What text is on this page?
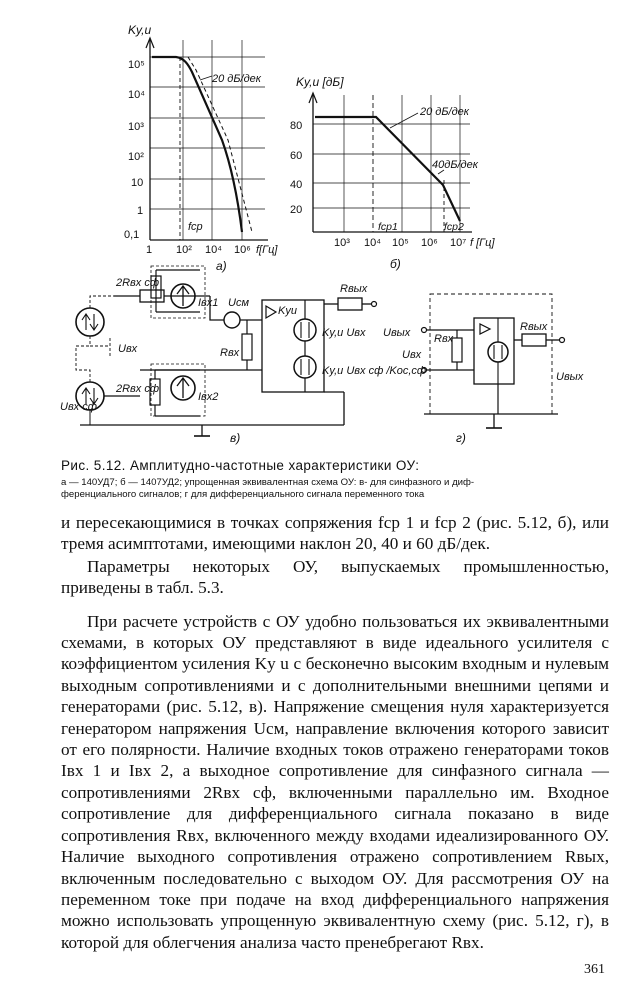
Ky,u
10⁵
10⁴
10³
10²
10
1
0,1
1 10² 10⁴ 10⁶ f[Гц]
20 дБ/дек
fср
а)
Ky,u [дБ]
80
60
40
20
10³ 10⁴ 10⁵ 10⁶ 10⁷ f [Гц]
20 дБ/дек
40дБ/дек
fср1	fср2
б)
2Rвх сф
Iвх1 Uсм
Kyu
Rвых
Uвх	Rвх
Kу,u Uвх Uвых
Uвх сф
2Rвх сф
Iвх2
Kу,u Uвх сф /Kос,сф
в)
Rвых
Rвх
Uвх
Uвых
г)
Рис. 5.12. Амплитудно-частотные характеристики ОУ:
а — 140УД7; б — 1407УД2; упрощенная эквивалентная схема ОУ: в- для синфазного и диф-
ференциального сигналов; г для дифференциального сигнала переменного тока

и пересекающимися в точках сопряжения fср 1 и fср 2 (рис. 5.12, б), или тремя асимптотами, имеющими наклон 20, 40 и 60 дБ/дек.

Параметры некоторых ОУ, выпускаемых промышленностью, приведены в табл. 5.3.

При расчете устройств с ОУ удобно пользоваться их эквивалентными схемами, в которых ОУ представляют в виде идеального усилителя с коэффициентом усиления Kу u с бесконечно высоким входным и нулевым выходным сопротивлениями и с дополнительными внешними цепями и генераторами (рис. 5.12, в). Напряжение смещения нуля характеризуется генератором напряжения Uсм, направление включения которого зависит от его полярности. Наличие входных токов отражено генераторами токов Iвх 1 и Iвх 2, а выходное сопротивление для синфазного сигнала — сопротивлениями 2Rвх сф, включенными параллельно им. Входное сопротивление для дифференциального сигнала показано в виде сопротивления Rвх, включенного между входами идеализированного ОУ. Наличие выходного сопротивления отражено сопротивлением Rвых, включенным последовательно с выходом ОУ. Для рассмотрения ОУ на переменном токе при подаче на вход дифференциального напряжения можно использовать упрощенную эквивалентную схему (рис. 5.12, г), в которой для облегчения анализа часто пренебрегают Rвх.

361
